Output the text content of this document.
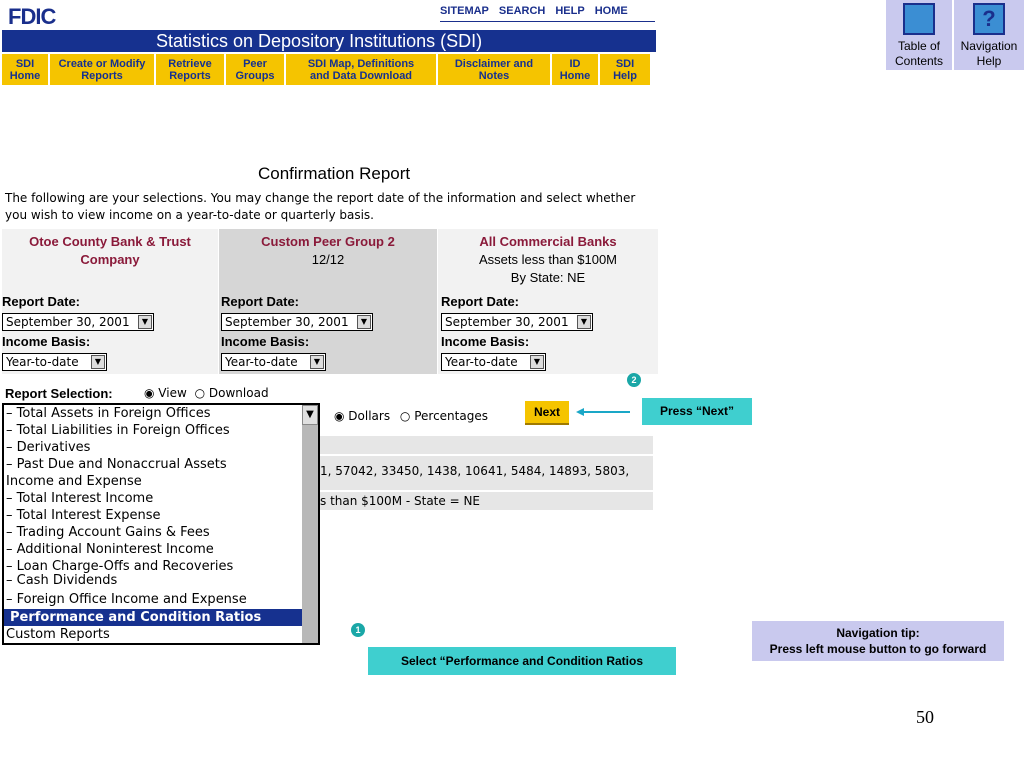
FDIC	SITEMAP SEARCH HELP HOME
Statistics on Depository Institutions (SDI)
SDI
Home
Create or Modify
Reports
Retrieve
Reports
Peer
Groups
SDI Map, Definitions
and Data Download
Disclaimer and
Notes
ID
Home
SDI
Help
Table of
Contents
?
Navigation
Help
Confirmation Report
The following are your selections. You may change the report date of the information and select whether you wish to view income on a year-to-date or quarterly basis.
Otoe County Bank & Trust Company
Custom Peer Group 2
12/12
All Commercial Banks
Assets less than $100M
By State: NE
Report Date:
September 30, 2001	▼
Income Basis:
Year-to-date	▼
Report Date:
September 30, 2001	▼
Income Basis:
Year-to-date	▼
Report Date:
September 30, 2001	▼
Income Basis:
Year-to-date	▼
Report Selection:	◉ View ○ Download
1, 57042, 33450, 1438, 10641, 5484, 14893, 5803,
s than $100M - State = NE
◉ Dollars ○ Percentages	Next
2
Press “Next”
– Total Assets in Foreign Offices
– Total Liabilities in Foreign Offices
– Derivatives
– Past Due and Nonaccrual Assets
Income and Expense
– Total Interest Income
– Total Interest Expense
– Trading Account Gains & Fees
– Additional Noninterest Income
– Loan Charge-Offs and Recoveries
– Cash Dividends
– Foreign Office Income and Expense
Performance and Condition Ratios
Custom Reports
▼
1
Select “Performance and Condition Ratios
Navigation tip:
Press left mouse button to go forward
50
